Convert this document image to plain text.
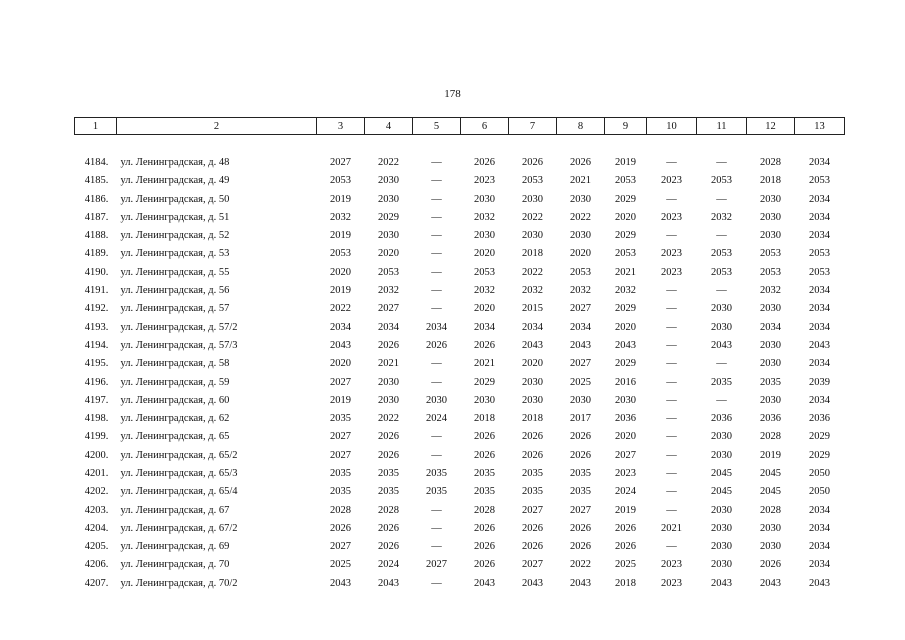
178
1	2	3	4	5	6	7	8	9	10	11	12	13

4184.	ул. Ленинградская, д. 48	2027	2022	—	2026	2026	2026	2019	—	—	2028	2034
4185.	ул. Ленинградская, д. 49	2053	2030	—	2023	2053	2021	2053	2023	2053	2018	2053
4186.	ул. Ленинградская, д. 50	2019	2030	—	2030	2030	2030	2029	—	—	2030	2034
4187.	ул. Ленинградская, д. 51	2032	2029	—	2032	2022	2022	2020	2023	2032	2030	2034
4188.	ул. Ленинградская, д. 52	2019	2030	—	2030	2030	2030	2029	—	—	2030	2034
4189.	ул. Ленинградская, д. 53	2053	2020	—	2020	2018	2020	2053	2023	2053	2053	2053
4190.	ул. Ленинградская, д. 55	2020	2053	—	2053	2022	2053	2021	2023	2053	2053	2053
4191.	ул. Ленинградская, д. 56	2019	2032	—	2032	2032	2032	2032	—	—	2032	2034
4192.	ул. Ленинградская, д. 57	2022	2027	—	2020	2015	2027	2029	—	2030	2030	2034
4193.	ул. Ленинградская, д. 57/2	2034	2034	2034	2034	2034	2034	2020	—	2030	2034	2034
4194.	ул. Ленинградская, д. 57/3	2043	2026	2026	2026	2043	2043	2043	—	2043	2030	2043
4195.	ул. Ленинградская, д. 58	2020	2021	—	2021	2020	2027	2029	—	—	2030	2034
4196.	ул. Ленинградская, д. 59	2027	2030	—	2029	2030	2025	2016	—	2035	2035	2039
4197.	ул. Ленинградская, д. 60	2019	2030	2030	2030	2030	2030	2030	—	—	2030	2034
4198.	ул. Ленинградская, д. 62	2035	2022	2024	2018	2018	2017	2036	—	2036	2036	2036
4199.	ул. Ленинградская, д. 65	2027	2026	—	2026	2026	2026	2020	—	2030	2028	2029
4200.	ул. Ленинградская, д. 65/2	2027	2026	—	2026	2026	2026	2027	—	2030	2019	2029
4201.	ул. Ленинградская, д. 65/3	2035	2035	2035	2035	2035	2035	2023	—	2045	2045	2050
4202.	ул. Ленинградская, д. 65/4	2035	2035	2035	2035	2035	2035	2024	—	2045	2045	2050
4203.	ул. Ленинградская, д. 67	2028	2028	—	2028	2027	2027	2019	—	2030	2028	2034
4204.	ул. Ленинградская, д. 67/2	2026	2026	—	2026	2026	2026	2026	2021	2030	2030	2034
4205.	ул. Ленинградская, д. 69	2027	2026	—	2026	2026	2026	2026	—	2030	2030	2034
4206.	ул. Ленинградская, д. 70	2025	2024	2027	2026	2027	2022	2025	2023	2030	2026	2034
4207.	ул. Ленинградская, д. 70/2	2043	2043	—	2043	2043	2043	2018	2023	2043	2043	2043
